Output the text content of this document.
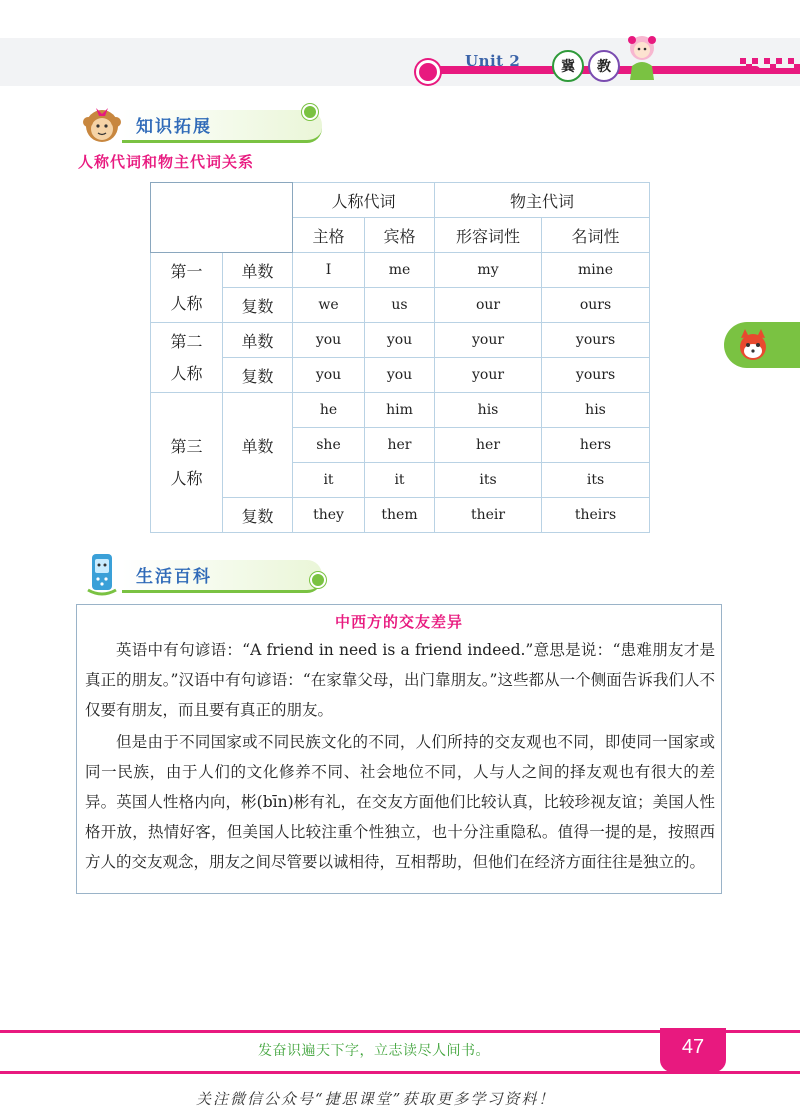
Unit 2	冀	教
知识拓展
人称代词和物主代词关系
		人称代词		物主代词	
		主格	宾格	形容词性	名词性
第一
人称	单数	I	me	my	mine
	复数	we	us	our	ours
第二
人称	单数	you	you	your	yours
	复数	you	you	your	yours
第三
人称	单数	he	him	his	his
		she	her	her	hers
		it	it	its	its
	复数	they	them	their	theirs
生活百科
中西方的交友差异

英语中有句谚语：“A friend in need is a friend indeed.”意思是说：“患难朋友才是真正的朋友。”汉语中有句谚语：“在家靠父母，出门靠朋友。”这些都从一个侧面告诉我们人不仅要有朋友，而且要有真正的朋友。

但是由于不同国家或不同民族文化的不同，人们所持的交友观也不同，即使同一国家或同一民族，由于人们的文化修养不同、社会地位不同，人与人之间的择友观也有很大的差异。英国人性格内向，彬(bīn)彬有礼，在交友方面他们比较认真，比较珍视友谊；美国人性格开放，热情好客，但美国人比较注重个性独立，也十分注重隐私。值得一提的是，按照西方人的交友观念，朋友之间尽管要以诚相待，互相帮助，但他们在经济方面往往是独立的。

发奋识遍天下字，立志读尽人间书。	47
关注微信公众号“捷思课堂”获取更多学习资料！
